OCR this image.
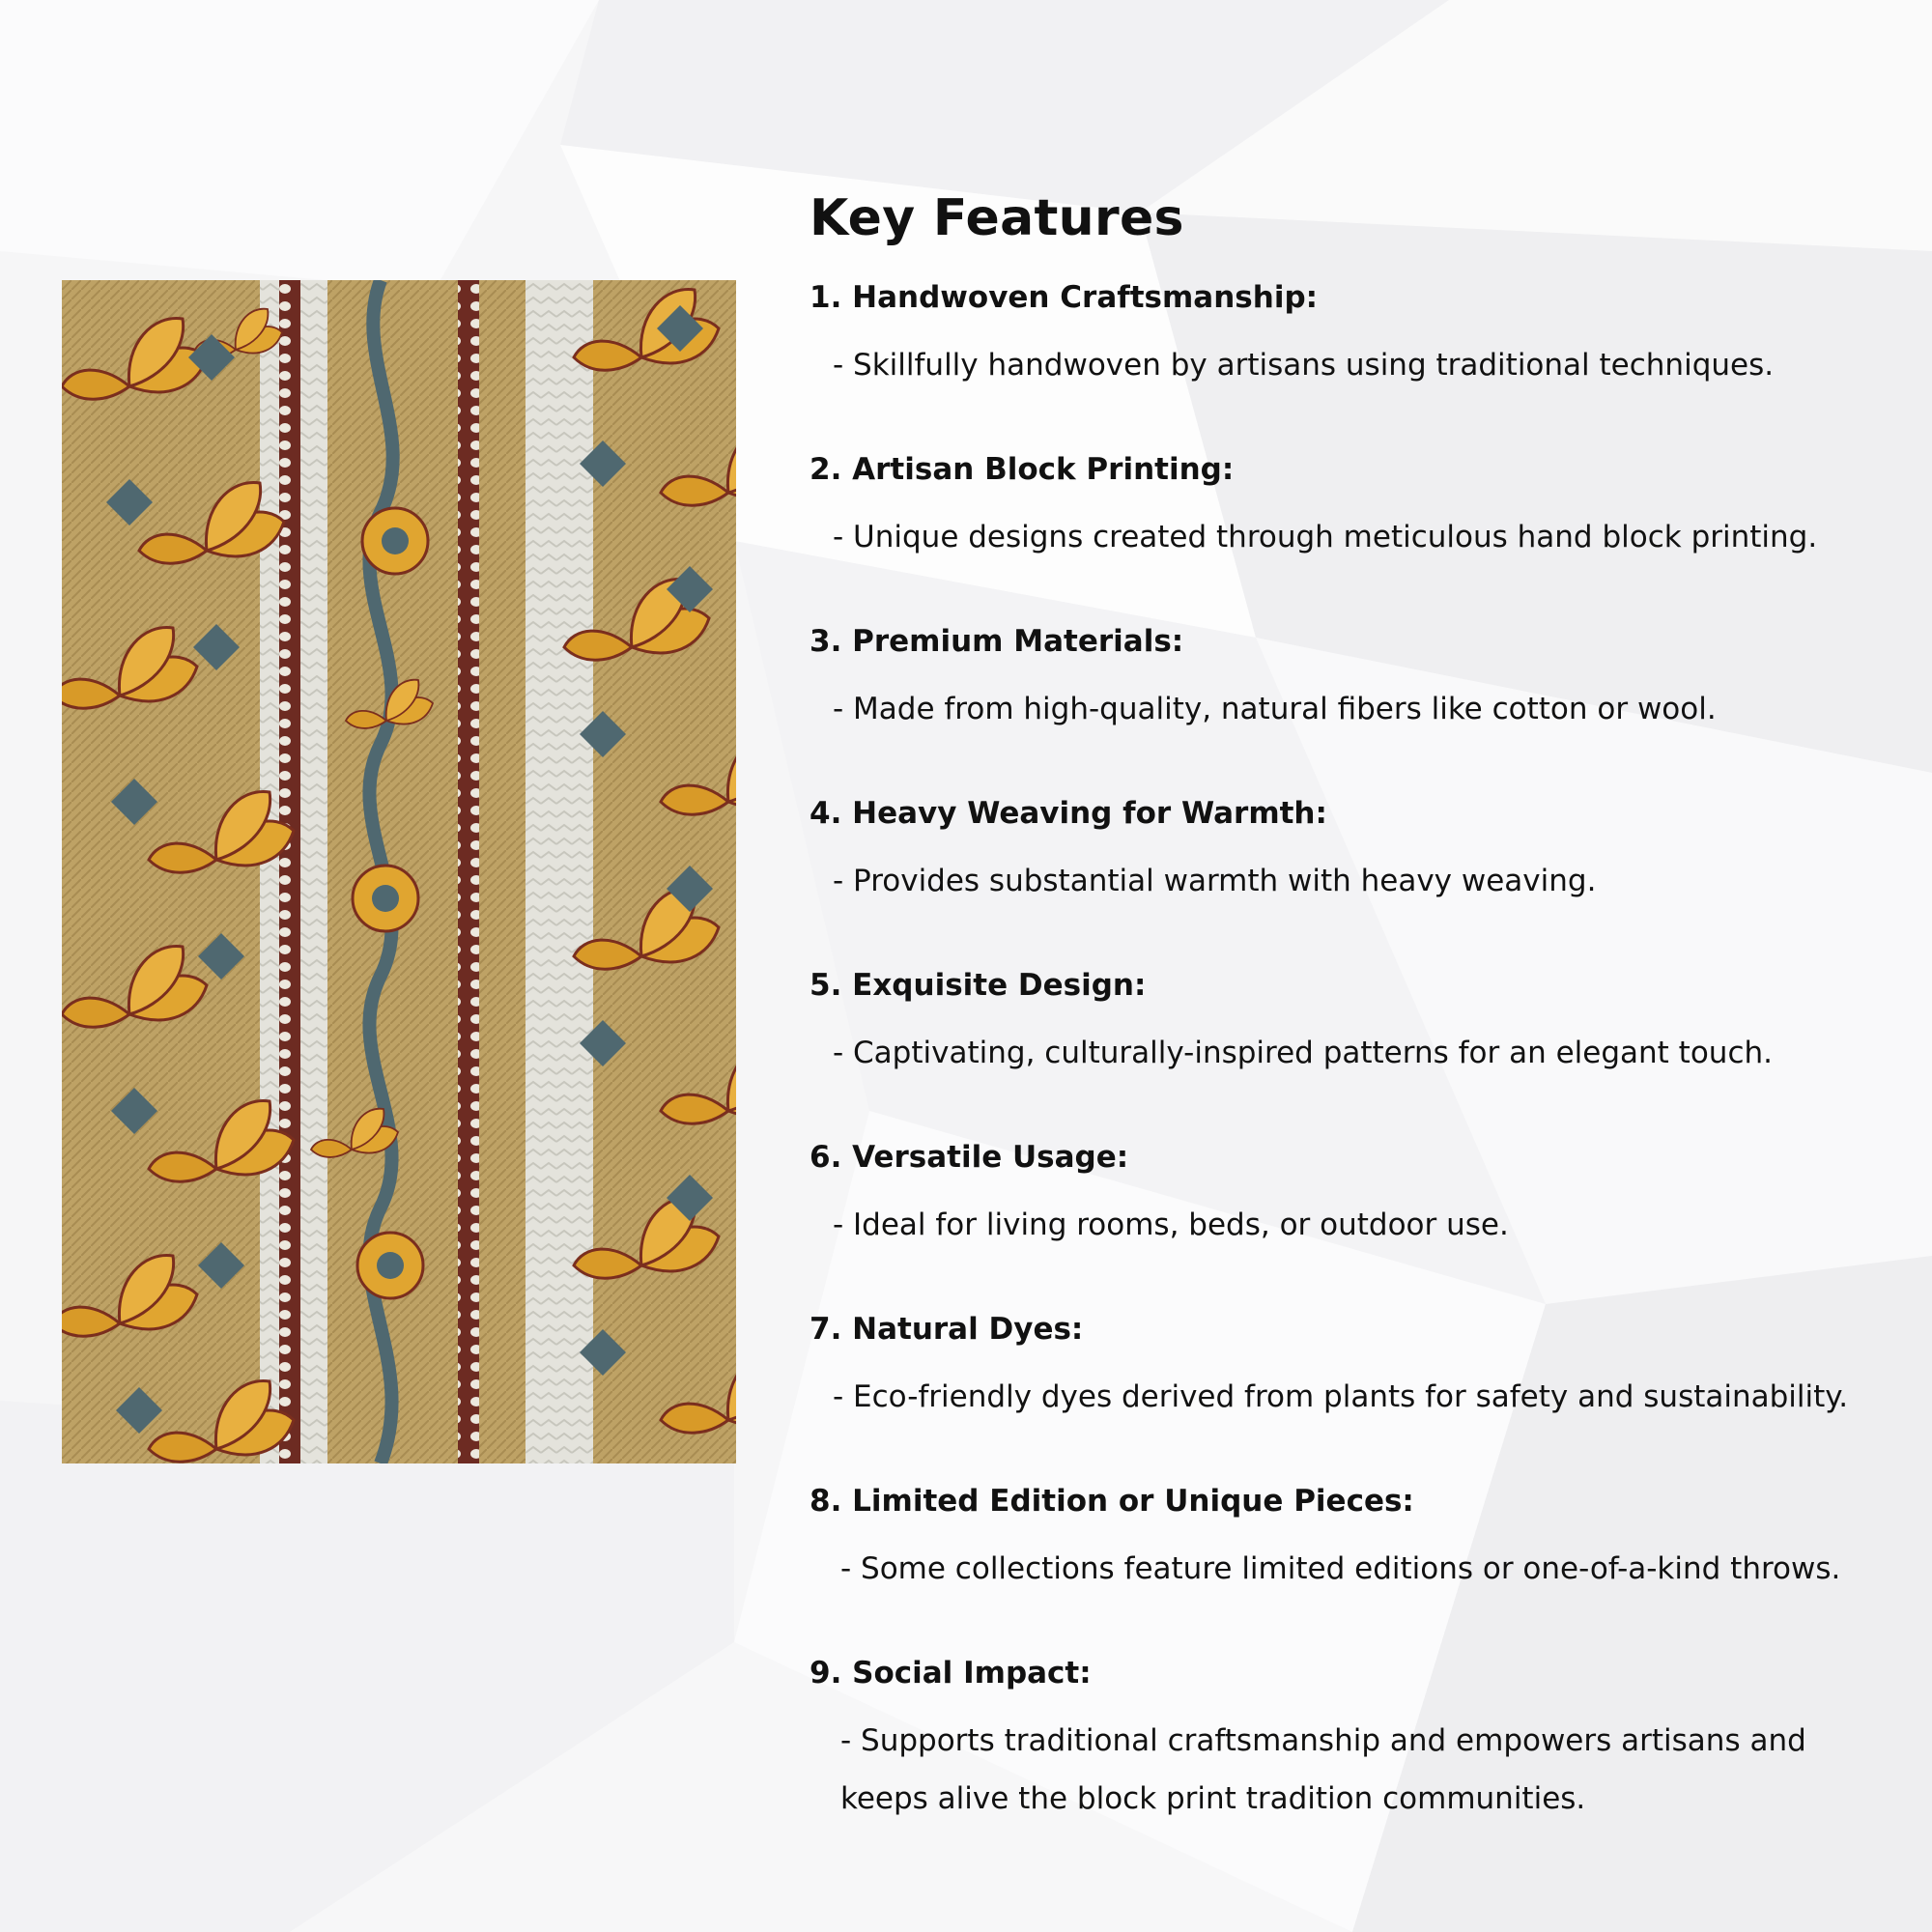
Key Features
1. Handwoven Craftsmanship:
- Skillfully handwoven by artisans using traditional techniques.
2. Artisan Block Printing:
- Unique designs created through meticulous hand block printing.
3. Premium Materials:
- Made from high-quality, natural fibers like cotton or wool.
4. Heavy Weaving for Warmth:
- Provides substantial warmth with heavy weaving.
5. Exquisite Design:
- Captivating, culturally-inspired patterns for an elegant touch.
6. Versatile Usage:
- Ideal for living rooms, beds, or outdoor use.
7. Natural Dyes:
- Eco-friendly dyes derived from plants for safety and sustainability.
8. Limited Edition or Unique Pieces:
- Some collections feature limited editions or one-of-a-kind throws.
9. Social Impact:
- Supports traditional craftsmanship and empowers artisans and keeps alive the block print tradition communities.
